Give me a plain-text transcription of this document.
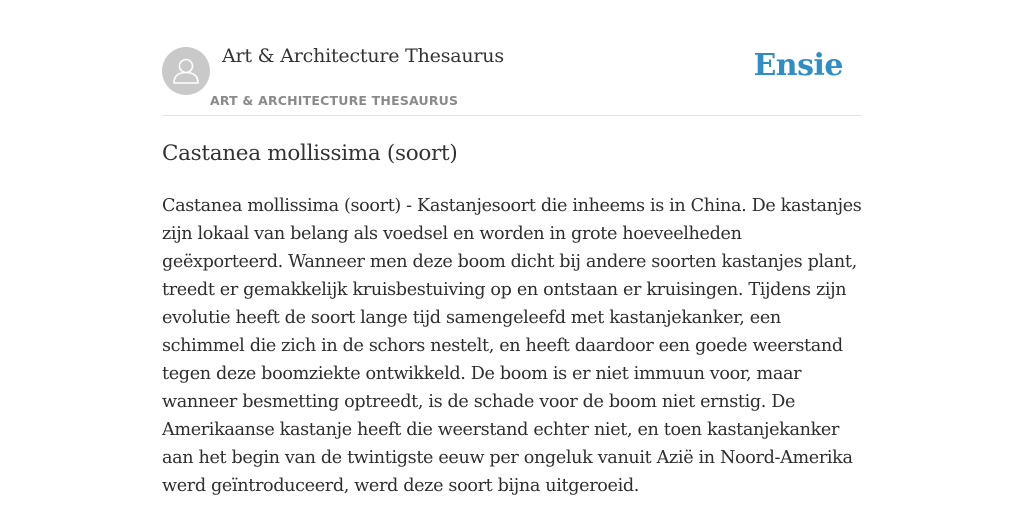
Art & Architecture Thesaurus
ART & ARCHITECTURE THESAURUS
Ensie
Castanea mollissima (soort)

Castanea mollissima (soort) - Kastanjesoort die inheems is in China. De kastanjes zijn lokaal van belang als voedsel en worden in grote hoeveelheden geëxporteerd. Wanneer men deze boom dicht bij andere soorten kastanjes plant, treedt er gemakkelijk kruisbestuiving op en ontstaan er kruisingen. Tijdens zijn evolutie heeft de soort lange tijd samengeleefd met kastanjekanker, een schimmel die zich in de schors nestelt, en heeft daardoor een goede weerstand tegen deze boomziekte ontwikkeld. De boom is er niet immuun voor, maar wanneer besmetting optreedt, is de schade voor de boom niet ernstig. De Amerikaanse kastanje heeft die weerstand echter niet, en toen kastanjekanker aan het begin van de twintigste eeuw per ongeluk vanuit Azië in Noord-Amerika werd geïntroduceerd, werd deze soort bijna uitgeroeid.
